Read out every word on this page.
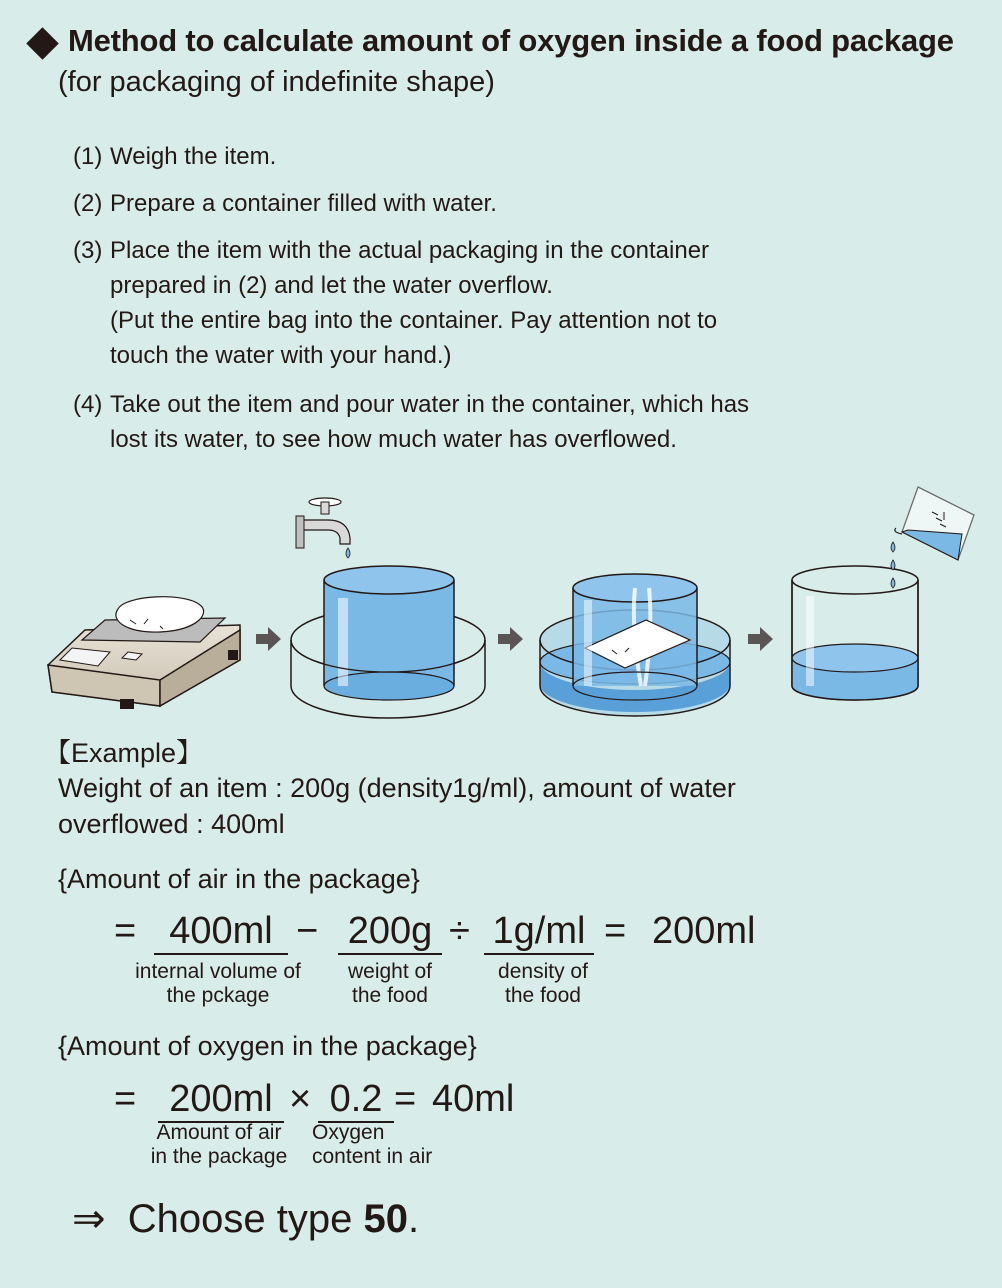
Method to calculate amount of oxygen inside a food package
(for packaging of indefinite shape)
(1) Weigh the item.
(2) Prepare a container filled with water.
(3) Place the item with the actual packaging in the container
prepared in (2) and let the water overflow.
(Put the entire bag into the container. Pay attention not to
touch the water with your hand.)
(4) Take out the item and pour water in the container, which has
lost its water, to see how much water has overflowed.
【Example】
Weight of an item : 200g (density1g/ml), amount of water
overflowed : 400ml
{Amount of air in the package}
= 400ml − 200g ÷ 1g/ml = 200ml
internal volume of
the pckage
weight of
the food
density of
the food
{Amount of oxygen in the package}
= 200ml × 0.2 = 40ml
Amount of air
in the package
Oxygen
content in air
⇒ Choose type 50.
